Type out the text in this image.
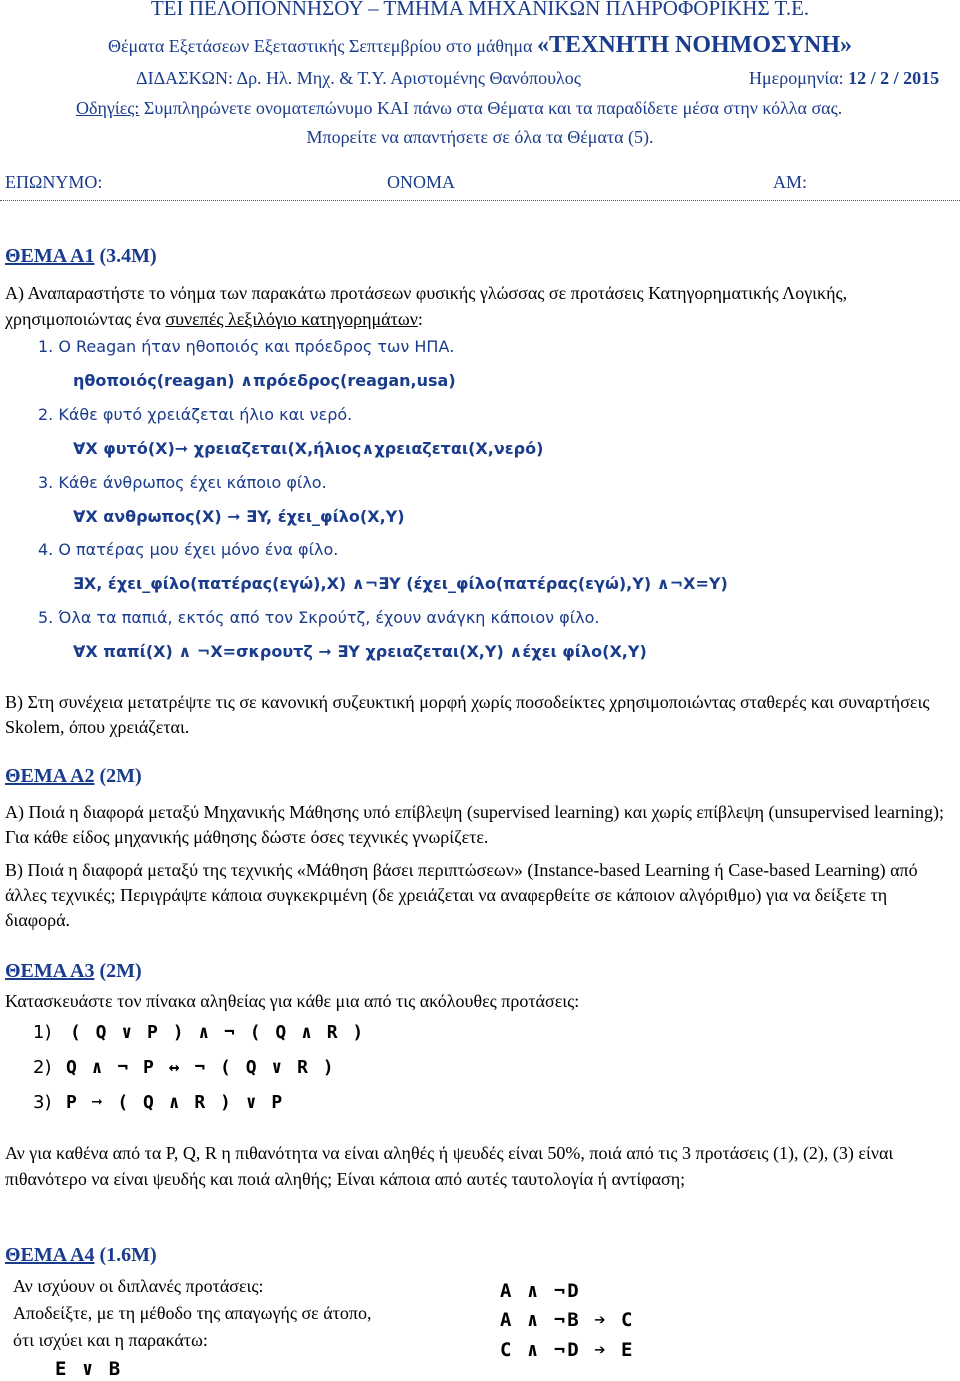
ΤΕΙ ΠΕΛΟΠΟΝΝΗΣΟΥ – ΤΜΗΜΑ ΜΗΧΑΝΙΚΩΝ ΠΛΗΡΟΦΟΡΙΚΗΣ Τ.Ε.
Θέματα Εξετάσεων Εξεταστικής Σεπτεμβρίου στο μάθημα «ΤΕΧΝΗΤΗ ΝΟΗΜΟΣΥΝΗ»
ΔΙΔΑΣΚΩΝ: Δρ. Ηλ. Μηχ. & Τ.Υ. Αριστομένης Θανόπουλος	Ημερομηνία: 12 / 2 / 2015
Οδηγίες: Συμπληρώνετε ονοματεπώνυμο ΚΑΙ πάνω στα Θέματα και τα παραδίδετε μέσα στην κόλλα σας.
Μπορείτε να απαντήσετε σε όλα τα Θέματα (5).
ΕΠΩΝΥΜΟ:	ΟΝΟΜΑ	ΑΜ:
ΘΕΜΑ Α1 (3.4Μ)
Α) Αναπαραστήστε το νόημα των παρακάτω προτάσεων φυσικής γλώσσας σε προτάσεις Κατηγορηματικής Λογικής, χρησιμοποιώντας ένα συνεπές λεξιλόγιο κατηγορημάτων:
1. Ο Reagan ήταν ηθοποιός και πρόεδρος των ΗΠΑ.
ηθοποιός(reagan) ∧πρόεδρος(reagan,usa)
2. Κάθε φυτό χρειάζεται ήλιο και νερό.
∀X φυτό(X)➞ χρειαζεται(X,ήλιος∧χρειαζεται(X,νερό)
3. Κάθε άνθρωπος έχει κάποιο φίλο.
∀X ανθρωπος(X) ➞ ∃Y, έχει_φίλο(X,Y)
4. Ο πατέρας μου έχει μόνο ένα φίλο.
∃X, έχει_φίλο(πατέρας(εγώ),X) ∧¬∃Y (έχει_φίλο(πατέρας(εγώ),Y) ∧¬X=Y)
5. Όλα τα παπιά, εκτός από τον Σκρούτζ, έχουν ανάγκη κάποιον φίλο.
∀X παπί(X) ∧ ¬X=σκρουτζ ➞ ∃Y χρειαζεται(X,Y) ∧έχει φίλο(X,Y)
Β) Στη συνέχεια μετατρέψτε τις σε κανονική συζευκτική μορφή χωρίς ποσοδείκτες χρησιμοποιώντας σταθερές και συναρτήσεις Skolem, όπου χρειάζεται.
ΘΕΜΑ Α2 (2Μ)
Α) Ποιά η διαφορά μεταξύ Μηχανικής Μάθησης υπό επίβλεψη (supervised learning) και χωρίς επίβλεψη (unsupervised learning); Για κάθε είδος μηχανικής μάθησης δώστε όσες τεχνικές γνωρίζετε.
Β) Ποιά η διαφορά μεταξύ της τεχνικής «Μάθηση βάσει περιπτώσεων» (Instance-based Learning ή Case-based Learning) από άλλες τεχνικές; Περιγράψτε κάποια συγκεκριμένη (δε χρειάζεται να αναφερθείτε σε κάποιον αλγόριθμο) για να δείξετε τη διαφορά.
ΘΕΜΑ Α3 (2Μ)
Κατασκευάστε τον πίνακα αληθείας για κάθε μια από τις ακόλουθες προτάσεις:
1) ( Q ∨ P ) ∧ ¬ ( Q ∧ R )
2) Q ∧ ¬ P ↔ ¬ ( Q ∨ R )
3) P ➞ ( Q ∧ R ) ∨ P
Αν για καθένα από τα P, Q, R η πιθανότητα να είναι αληθές ή ψευδές είναι 50%, ποιά από τις 3 προτάσεις (1), (2), (3) είναι πιθανότερο να είναι ψευδής και ποιά αληθής; Είναι κάποια από αυτές ταυτολογία ή αντίφαση;
ΘΕΜΑ Α4 (1.6Μ)
Αν ισχύουν οι διπλανές προτάσεις:
Αποδείξτε, με τη μέθοδο της απαγωγής σε άτοπο,
ότι ισχύει και η παρακάτω:
E ∨ B
A ∧ ¬D
A ∧ ¬B ➔ C
C ∧ ¬D ➔ E
